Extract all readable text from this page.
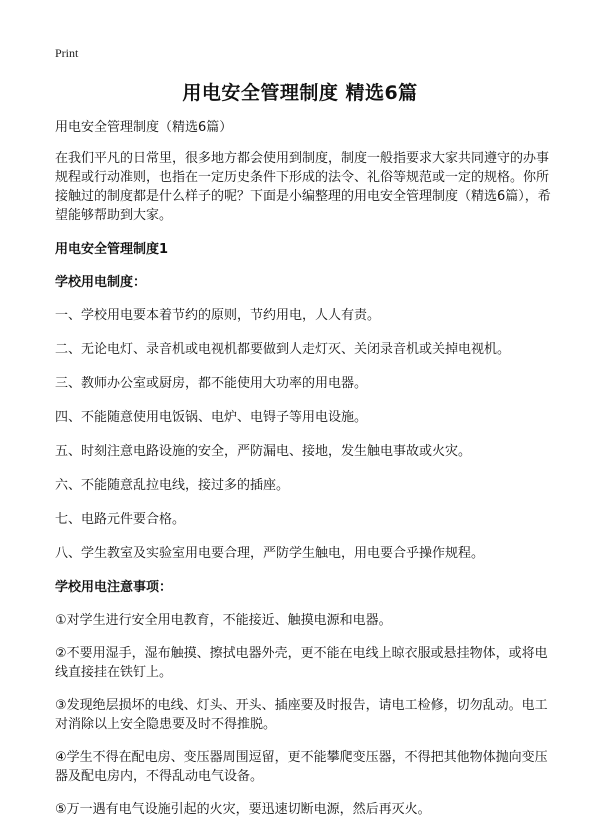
Print
用电安全管理制度 精选6篇

用电安全管理制度（精选6篇）

在我们平凡的日常里，很多地方都会使用到制度，制度一般指要求大家共同遵守的办事规程或行动准则，也指在一定历史条件下形成的法令、礼俗等规范或一定的规格。你所接触过的制度都是什么样子的呢？下面是小编整理的用电安全管理制度（精选6篇），希望能够帮助到大家。

用电安全管理制度1

学校用电制度：

一、学校用电要本着节约的原则，节约用电，人人有责。

二、无论电灯、录音机或电视机都要做到人走灯灭、关闭录音机或关掉电视机。

三、教师办公室或厨房，都不能使用大功率的用电器。

四、不能随意使用电饭锅、电炉、电锝子等用电设施。

五、时刻注意电路设施的安全，严防漏电、接地，发生触电事故或火灾。

六、不能随意乱拉电线，接过多的插座。

七、电路元件要合格。

八、学生教室及实验室用电要合理，严防学生触电，用电要合乎操作规程。

学校用电注意事项：

①对学生进行安全用电教育，不能接近、触摸电源和电器。

②不要用湿手，湿布触摸、擦拭电器外壳，更不能在电线上晾衣服或悬挂物体，或将电线直接挂在铁钉上。

③发现绝层损坏的电线、灯头、开头、插座要及时报告，请电工检修，切勿乱动。电工对消除以上安全隐患要及时不得推脱。

④学生不得在配电房、变压器周围逗留，更不能攀爬变压器，不得把其他物体抛向变压器及配电房内，不得乱动电气设备。

⑤万一遇有电气设施引起的火灾，要迅速切断电源，然后再灭火。
